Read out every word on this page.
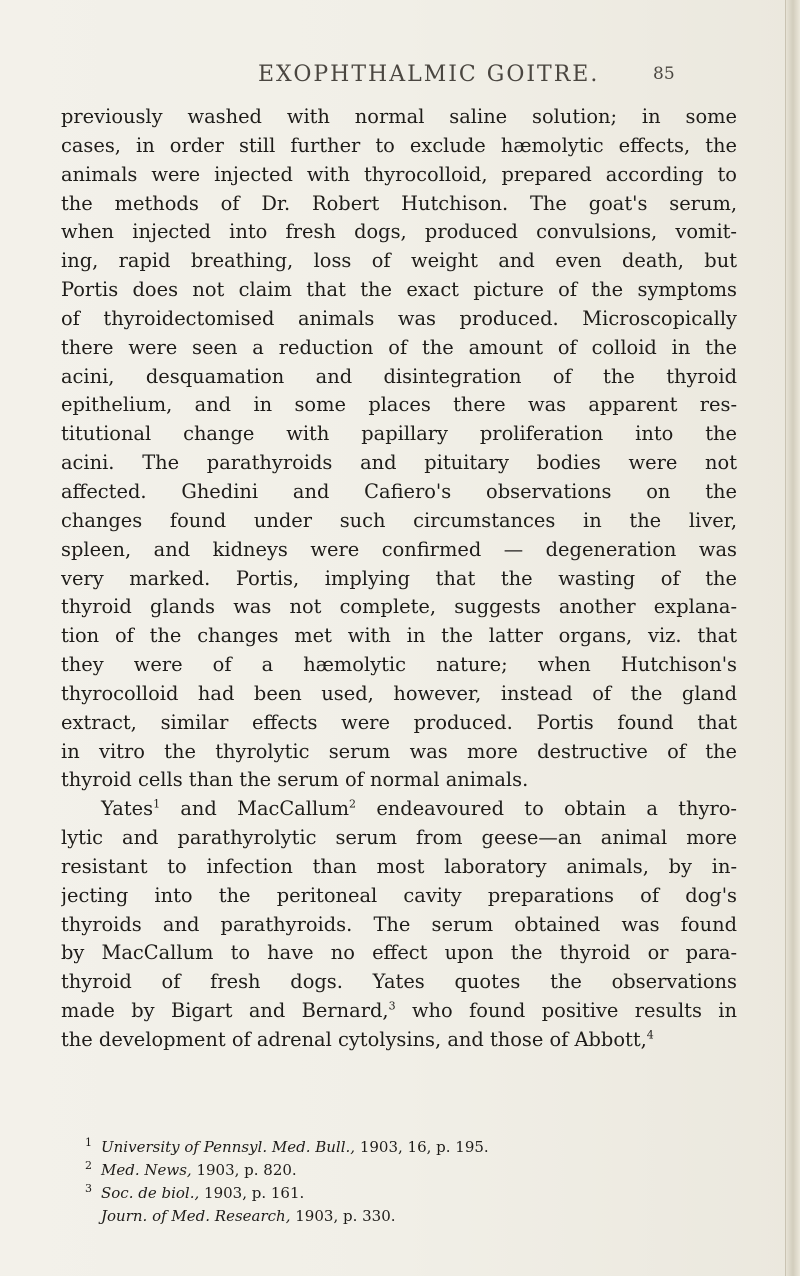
EXOPHTHALMIC GOITRE.	85
previously washed with normal saline solution; in some
cases, in order still further to exclude hæmolytic effects, the
animals were injected with thyrocolloid, prepared according to
the methods of Dr. Robert Hutchison. The goat's serum,
when injected into fresh dogs, produced convulsions, vomit-
ing, rapid breathing, loss of weight and even death, but
Portis does not claim that the exact picture of the symptoms
of thyroidectomised animals was produced. Microscopically
there were seen a reduction of the amount of colloid in the
acini, desquamation and disintegration of the thyroid
epithelium, and in some places there was apparent res-
titutional change with papillary proliferation into the
acini. The parathyroids and pituitary bodies were not
affected. Ghedini and Cafiero's observations on the
changes found under such circumstances in the liver,
spleen, and kidneys were confirmed — degeneration was
very marked. Portis, implying that the wasting of the
thyroid glands was not complete, suggests another explana-
tion of the changes met with in the latter organs, viz. that
they were of a hæmolytic nature; when Hutchison's
thyrocolloid had been used, however, instead of the gland
extract, similar effects were produced. Portis found that
in vitro the thyrolytic serum was more destructive of the
thyroid cells than the serum of normal animals.
Yates$^1$ and MacCallum$^2$ endeavoured to obtain a thyro-
lytic and parathyrolytic serum from geese—an animal more
resistant to infection than most laboratory animals, by in-
jecting into the peritoneal cavity preparations of dog's
thyroids and parathyroids. The serum obtained was found
by MacCallum to have no effect upon the thyroid or para-
thyroid of fresh dogs. Yates quotes the observations
made by Bigart and Bernard,$^3$ who found positive results in
the development of adrenal cytolysins, and those of Abbott,$^4$
$^1$ University of Pennsyl. Med. Bull., 1903, 16, p. 195.
$^2$ Med. News, 1903, p. 820.
$^3$ Soc. de biol., 1903, p. 161.
Journ. of Med. Research, 1903, p. 330.
